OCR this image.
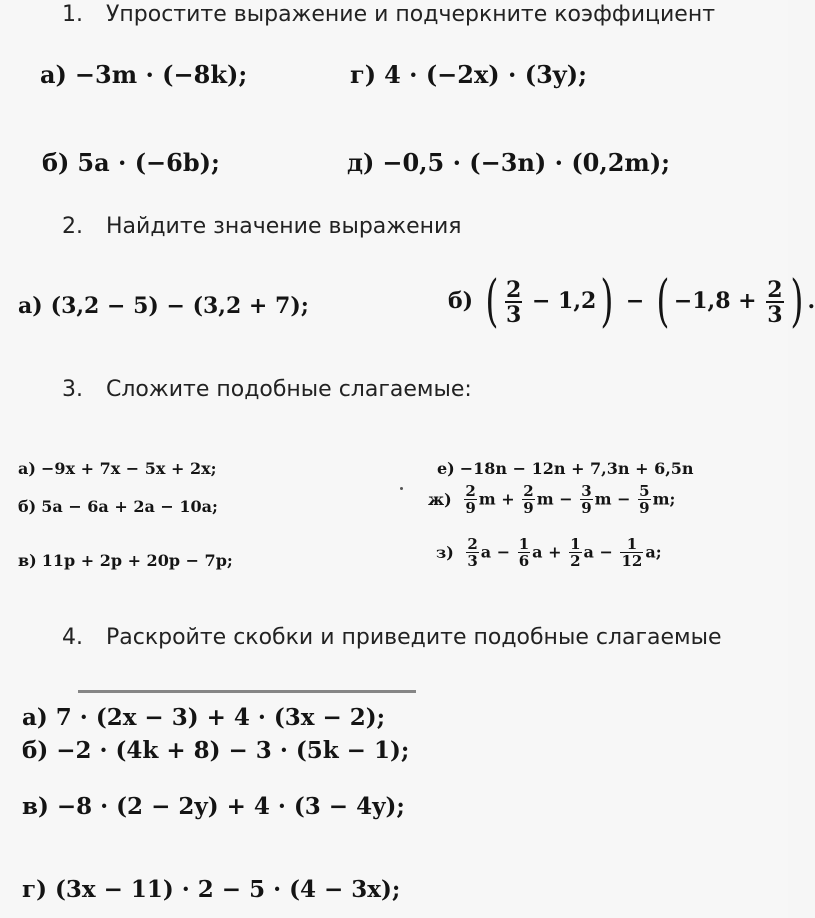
1. Упростите выражение и подчеркните коэффициент
а) −3m · (−8k);	г) 4 · (−2x) · (3y);
б) 5a · (−6b);	д) −0,5 · (−3n) · (0,2m);
2. Найдите значение выражения
а) (3,2 − 5) − (3,2 + 7);	б) ( $\frac{2}{3} - 1,2$) − ( $-1,8 + \frac{2}{3}$ ) .
3. Сложите подобные слагаемые:
а) −9x + 7x − 5x + 2x;	е) −18n − 12n + 7,3n + 6,5n
б) 5a − 6a + 2a − 10a;	$ж) \frac{2}{9}$ $m + \frac{2}{9}$ $m - \frac{3}{9}$ $m - \frac{5}{9} m$;
в) 11p + 2p + 20p − 7p;	$з) \frac{2}{3}$ $a - \frac{1}{6}$ $a + \frac{1}{2}$ $a - \frac{1}{12} a$;
4. Раскройте скобки и приведите подобные слагаемые
а) 7 · (2x − 3) + 4 · (3x − 2);
б) −2 · (4k + 8) − 3 · (5k − 1);
в) −8 · (2 − 2y) + 4 · (3 − 4y);
г) (3x − 11) · 2 − 5 · (4 − 3x);
